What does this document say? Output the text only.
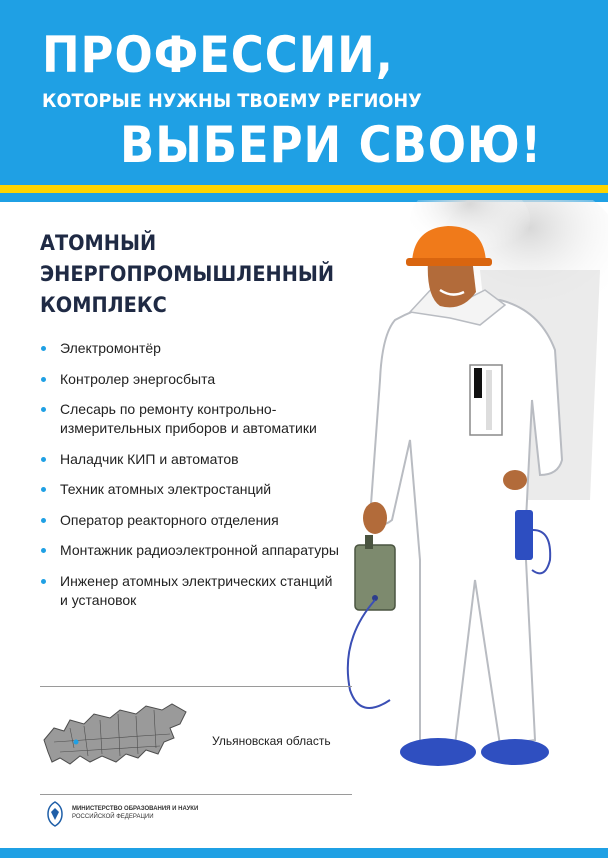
ПРОФЕССИИ,
КОТОРЫЕ НУЖНЫ ТВОЕМУ РЕГИОНУ
ВЫБЕРИ СВОЮ!
АТОМНЫЙ
ЭНЕРГОПРОМЫШЛЕННЫЙ
КОМПЛЕКС
Электромонтёр
Контролер энергосбыта
Слесарь по ремонту контрольно-измерительных приборов и автоматики
Наладчик КИП и автоматов
Техник атомных электростанций
Оператор реакторного отделения
Монтажник радиоэлектронной аппаратуры
Инженер атомных электрических станций и установок
Ульяновская область
МИНИСТЕРСТВО ОБРАЗОВАНИЯ И НАУКИ
РОССИЙСКОЙ ФЕДЕРАЦИИ
